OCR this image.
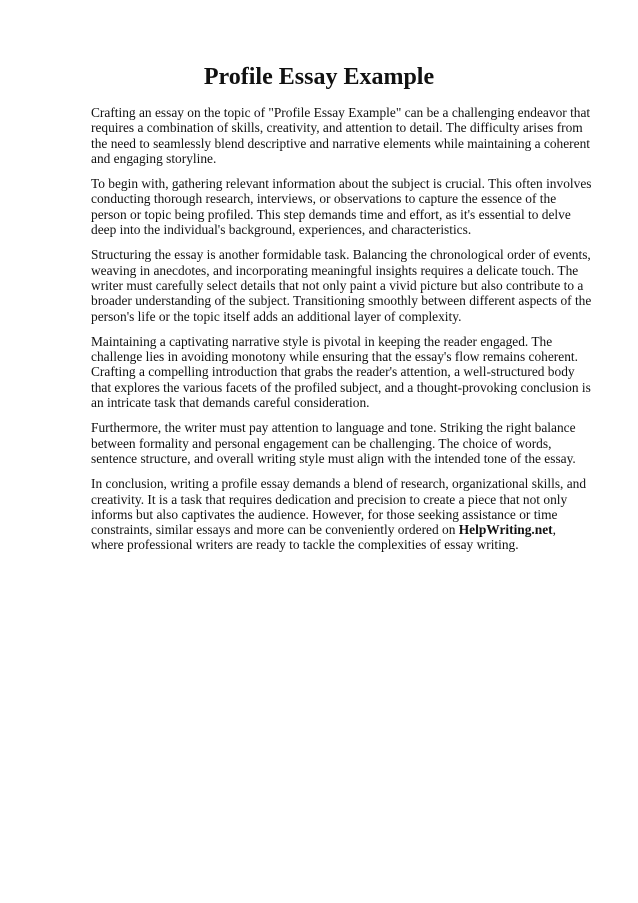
Profile Essay Example

Crafting an essay on the topic of "Profile Essay Example" can be a challenging endeavor that requires a combination of skills, creativity, and attention to detail. The difficulty arises from the need to seamlessly blend descriptive and narrative elements while maintaining a coherent and engaging storyline.

To begin with, gathering relevant information about the subject is crucial. This often involves conducting thorough research, interviews, or observations to capture the essence of the person or topic being profiled. This step demands time and effort, as it's essential to delve deep into the individual's background, experiences, and characteristics.

Structuring the essay is another formidable task. Balancing the chronological order of events, weaving in anecdotes, and incorporating meaningful insights requires a delicate touch. The writer must carefully select details that not only paint a vivid picture but also contribute to a broader understanding of the subject. Transitioning smoothly between different aspects of the person's life or the topic itself adds an additional layer of complexity.

Maintaining a captivating narrative style is pivotal in keeping the reader engaged. The challenge lies in avoiding monotony while ensuring that the essay's flow remains coherent. Crafting a compelling introduction that grabs the reader's attention, a well-structured body that explores the various facets of the profiled subject, and a thought-provoking conclusion is an intricate task that demands careful consideration.

Furthermore, the writer must pay attention to language and tone. Striking the right balance between formality and personal engagement can be challenging. The choice of words, sentence structure, and overall writing style must align with the intended tone of the essay.

In conclusion, writing a profile essay demands a blend of research, organizational skills, and creativity. It is a task that requires dedication and precision to create a piece that not only informs but also captivates the audience. However, for those seeking assistance or time constraints, similar essays and more can be conveniently ordered on HelpWriting.net, where professional writers are ready to tackle the complexities of essay writing.
